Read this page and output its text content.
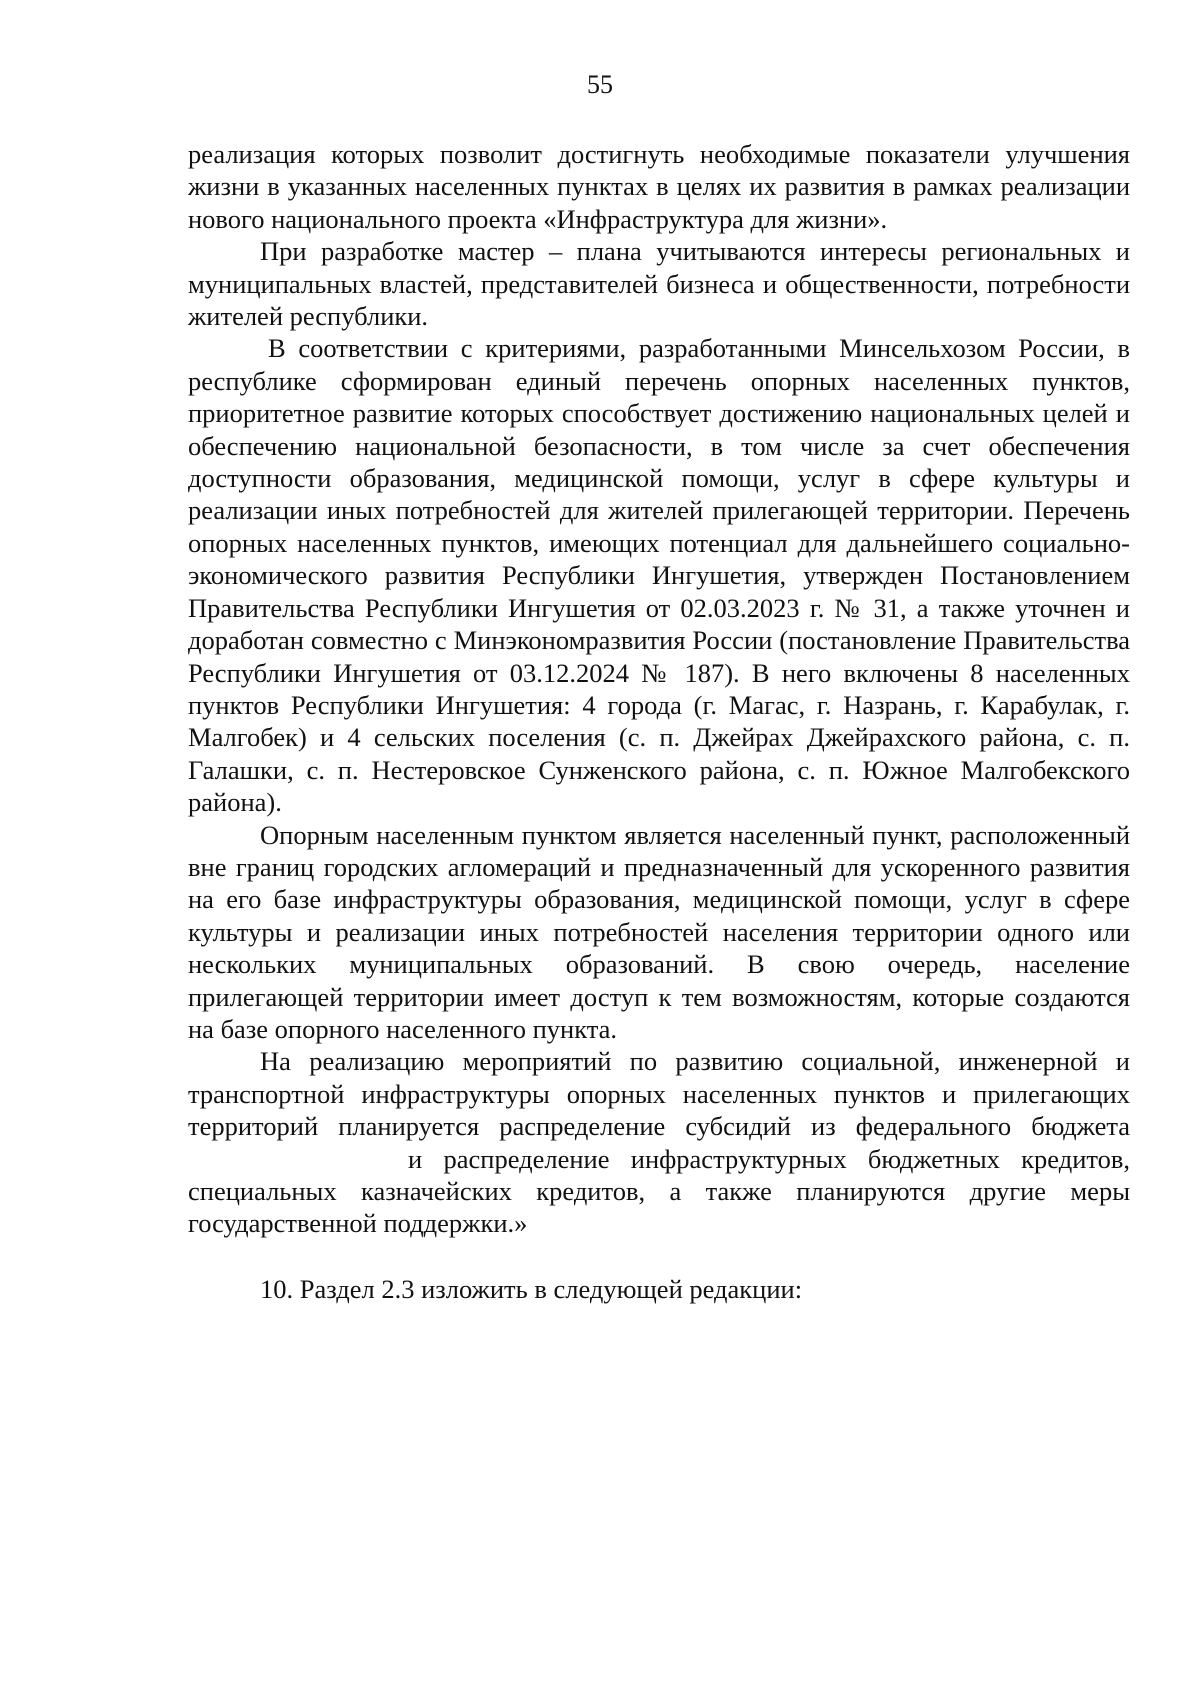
55

реализация которых позволит достигнуть необходимые показатели улучшения жизни в указанных населенных пунктах в целях их развития в рамках реализации нового национального проекта «Инфраструктура для жизни».

При разработке мастер – плана учитываются интересы региональных и муниципальных властей, представителей бизнеса и общественности, потребности жителей республики.

В соответствии с критериями, разработанными Минсельхозом России, в республике сформирован единый перечень опорных населенных пунктов, приоритетное развитие которых способствует достижению национальных целей и обеспечению национальной безопасности, в том числе за счет обеспечения доступности образования, медицинской помощи, услуг в сфере культуры и реализации иных потребностей для жителей прилегающей территории. Перечень опорных населенных пунктов, имеющих потенциал для дальнейшего социально-экономического развития Республики Ингушетия, утвержден Постановлением Правительства Республики Ингушетия от 02.03.2023 г. № 31, а также уточнен и доработан совместно с Минэкономразвития России (постановление Правительства Республики Ингушетия от 03.12.2024 № 187). В него включены 8 населенных пунктов Республики Ингушетия: 4 города (г. Магас, г. Назрань, г. Карабулак, г. Малгобек) и 4 сельских поселения (с. п. Джейрах Джейрахского района, с. п. Галашки, с. п. Нестеровское Сунженского района, с. п. Южное Малгобекского района).

Опорным населенным пунктом является населенный пункт, расположенный вне границ городских агломераций и предназначенный для ускоренного развития на его базе инфраструктуры образования, медицинской помощи, услуг в сфере культуры и реализации иных потребностей населения территории одного или нескольких муниципальных образований. В свою очередь, население прилегающей территории имеет доступ к тем возможностям, которые создаются на базе опорного населенного пункта.

На реализацию мероприятий по развитию социальной, инженерной и транспортной инфраструктуры опорных населенных пунктов и прилегающих территорий планируется распределение субсидий из федерального бюджетаи распределение инфраструктурных бюджетных кредитов, специальных казначейских кредитов, а также планируются другие меры государственной поддержки.»

10. Раздел 2.3 изложить в следующей редакции:
